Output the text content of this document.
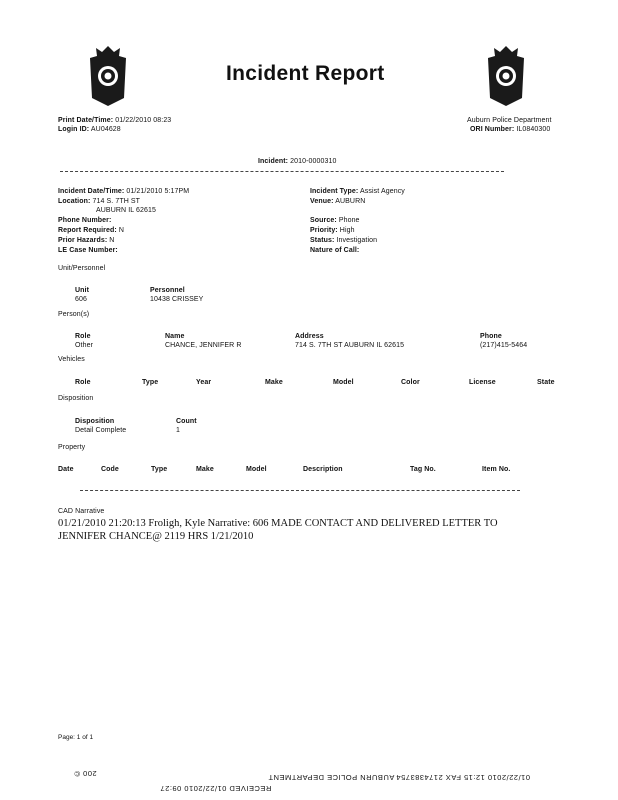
Incident Report
Print Date/Time: 01/22/2010 08:23
Login ID: AU04628
Auburn Police Department
ORI Number: IL0840300
Incident: 2010-0000310
Incident Date/Time: 01/21/2010 5:17PM
Location: 714 S. 7TH ST
AUBURN IL 62615
Phone Number:
Report Required: N
Prior Hazards: N
LE Case Number:
Incident Type: Assist Agency
Venue: AUBURN
Source: Phone
Priority: High
Status: Investigation
Nature of Call:
Unit/Personnel
Unit	Personnel
606	10438 CRISSEY
Person(s)
Role	Name	Address	Phone
Other	CHANCE, JENNIFER R	714 S. 7TH ST AUBURN IL 62615	(217)415-5464
Vehicles
Role	Type	Year	Make	Model	Color	License	State
Disposition
Disposition	Count
Detail Complete	1
Property
Date	Code	Type	Make	Model	Description	Tag No.	Item No.
CAD Narrative
01/21/2010 21:20:13 Froligh, Kyle Narrative: 606 MADE CONTACT AND DELIVERED LETTER TO
JENNIFER CHANCE@ 2119 HRS 1/21/2010
Page: 1 of 1
200 ©	AUBURN POLICE DEPARTMENT
RECEIVED 01/22/2010 09:27
01/22/2010 12:15 FAX 2174383754
